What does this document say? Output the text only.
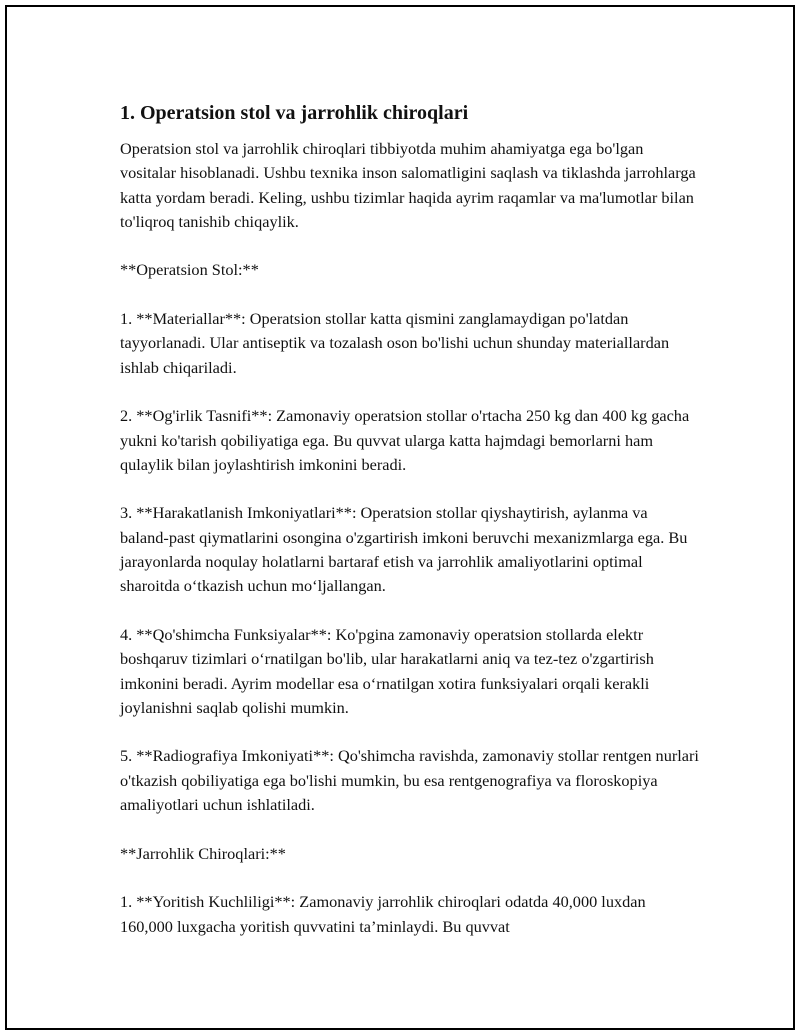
1. Operatsion stol va jarrohlik chiroqlari

Operatsion stol va jarrohlik chiroqlari tibbiyotda muhim ahamiyatga ega bo'lgan vositalar hisoblanadi. Ushbu texnika inson salomatligini saqlash va tiklashda jarrohlarga katta yordam beradi. Keling, ushbu tizimlar haqida ayrim raqamlar va ma'lumotlar bilan to'liqroq tanishib chiqaylik.

**Operatsion Stol:**

1. **Materiallar**: Operatsion stollar katta qismini zanglamaydigan po'latdan tayyorlanadi. Ular antiseptik va tozalash oson bo'lishi uchun shunday materiallardan ishlab chiqariladi.

2. **Og'irlik Tasnifi**: Zamonaviy operatsion stollar o'rtacha 250 kg dan 400 kg gacha yukni ko'tarish qobiliyatiga ega. Bu quvvat ularga katta hajmdagi bemorlarni ham qulaylik bilan joylashtirish imkonini beradi.

3. **Harakatlanish Imkoniyatlari**: Operatsion stollar qiyshaytirish, aylanma va baland-past qiymatlarini osongina o'zgartirish imkoni beruvchi mexanizmlarga ega. Bu jarayonlarda noqulay holatlarni bartaraf etish va jarrohlik amaliyotlarini optimal sharoitda oʻtkazish uchun moʻljallangan.

4. **Qo'shimcha Funksiyalar**: Ko'pgina zamonaviy operatsion stollarda elektr boshqaruv tizimlari oʻrnatilgan bo'lib, ular harakatlarni aniq va tez-tez o'zgartirish imkonini beradi. Ayrim modellar esa oʻrnatilgan xotira funksiyalari orqali kerakli joylanishni saqlab qolishi mumkin.

5. **Radiografiya Imkoniyati**: Qo'shimcha ravishda, zamonaviy stollar rentgen nurlari o'tkazish qobiliyatiga ega bo'lishi mumkin, bu esa rentgenografiya va floroskopiya amaliyotlari uchun ishlatiladi.

**Jarrohlik Chiroqlari:**

1. **Yoritish Kuchliligi**: Zamonaviy jarrohlik chiroqlari odatda 40,000 luxdan 160,000 luxgacha yoritish quvvatini taʼminlaydi. Bu quvvat
